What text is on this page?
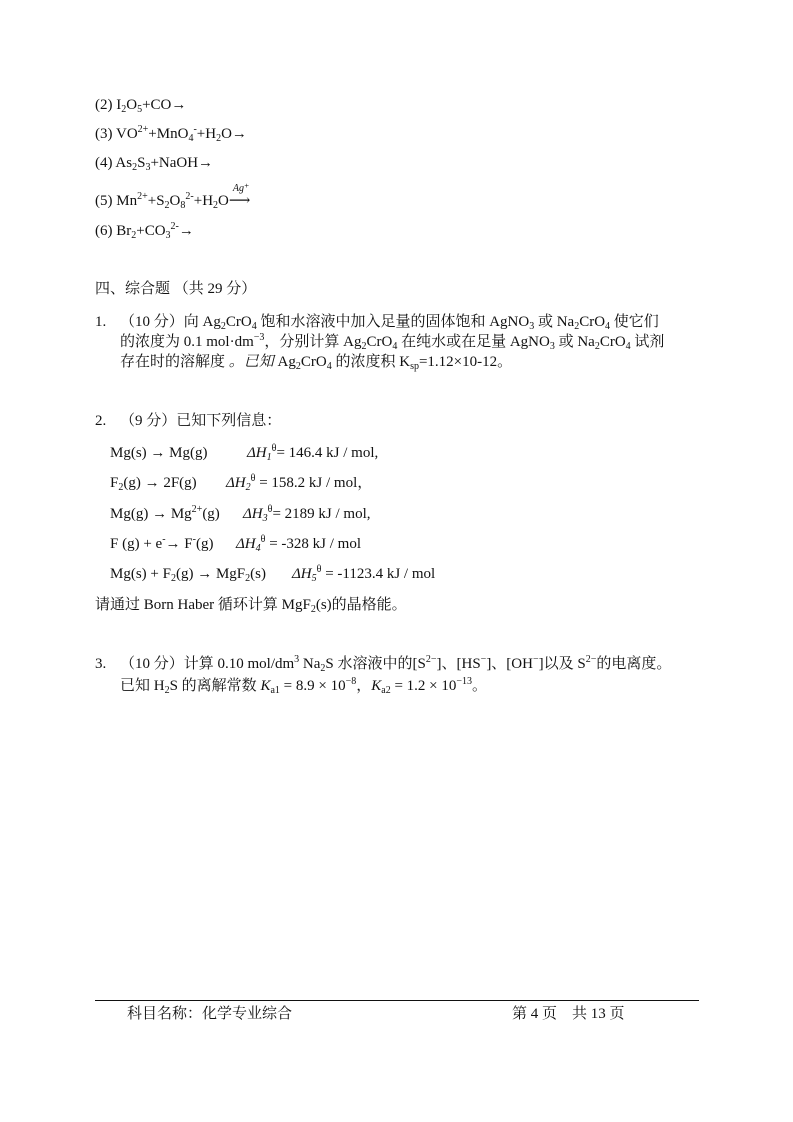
(2) $I_2O_5+CO\to$
(3) $VO^{2+}+MnO_4^-+H_2O\to$
(4) $As_2S_3+NaOH\to$
(5) $Mn^{2+}+S_2O_8^{2-}+H_2O$
Ag⁺
⟶
(6) $Br_2+CO_3^{2-}\to$
四、综合题 （共 29 分）
1. （10 分）向 $Ag_2CrO_4$ 饱和水溶液中加入足量的固体饱和 AgNO$_3$ 或 $Na_2CrO_4$ 使它们
的浓度为 0.1 $mol\cdot dm^{-3}$，分别计算 $Ag_2CrO_4$ 在纯水或在足量 AgNO$_3$ 或 $Na_2CrO_4$ 试剂
存在时的溶解度 。已知 $Ag_2CrO_4$ 的浓度积 $K_{sp}=1.12\times 10-12$。
2. （9 分）已知下列信息：
Mg(s) → Mg(g)	$\Delta H_1^\theta= 146.4$ kJ / mol,
$F_2(g) \to 2F(g) \Delta H_2^\theta = 158.2$ kJ / mol，
$Mg(g) \to Mg^{2+}(g)$ $\Delta H_3^\theta= 2189$ kJ / mol,
F (g) + e-→ F-(g) $\Delta H_4^\theta = -328$ kJ / mol
$Mg(s) + F_2(g) \to MgF_2(s) \Delta H_5^\theta = -1123.4$ kJ / mol
请通过 Born Haber 循环计算 MgF$_2$(s)的晶格能。
3. （10 分）计算 0.10 mol/$dm^3$ $Na_2S$ 水溶液中的$[S^{2-}]$、[HS−]、[OH−]以及 $S^{2-}$的电离度。
已知 $H_2S$ 的离解常数 $K_{a1} = 8.9 \times 10^{-8}$，$K_{a2} = 1.2 \times 10^{-13}$。
科目名称：化学专业综合	第 4 页　共 13 页
